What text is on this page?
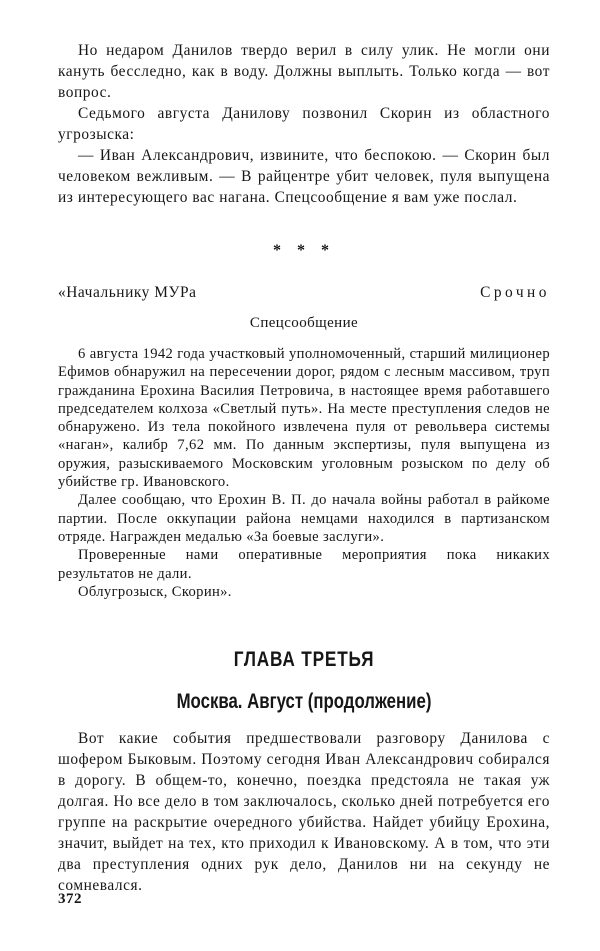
Но недаром Данилов твердо верил в силу улик. Не могли они кануть бесследно, как в воду. Должны выплыть. Только когда — вот вопрос.

Седьмого августа Данилову позвонил Скорин из областного угрозыска:

— Иван Александрович, извините, что беспокою. — Скорин был человеком вежливым. — В райцентре убит человек, пуля выпущена из интересующего вас нагана. Спецсообщение я вам уже послал.

* * *
«Начальнику МУРа	Срочно
Спецсообщение

6 августа 1942 года участковый уполномоченный, старший милиционер Ефимов обнаружил на пересечении дорог, рядом с лесным массивом, труп гражданина Ерохина Василия Петровича, в настоящее время работавшего председателем колхоза «Светлый путь». На месте преступления следов не обнаружено. Из тела покойного извлечена пуля от револьвера системы «наган», калибр 7,62 мм. По данным экспертизы, пуля выпущена из оружия, разыскиваемого Московским уголовным розыском по делу об убийстве гр. Ивановского.

Далее сообщаю, что Ерохин В. П. до начала войны работал в райкоме партии. После оккупации района немцами находился в партизанском отряде. Награжден медалью «За боевые заслуги».

Проверенные нами оперативные мероприятия пока никаких результатов не дали.

Облугрозыск, Скорин».
ГЛАВА ТРЕТЬЯ
Москва. Август (продолжение)

Вот какие события предшествовали разговору Данилова с шофером Быковым. Поэтому сегодня Иван Александрович собирался в дорогу. В общем-то, конечно, поездка предстояла не такая уж долгая. Но все дело в том заключалось, сколько дней потребуется его группе на раскрытие очередного убийства. Найдет убийцу Ерохина, значит, выйдет на тех, кто приходил к Ивановскому. А в том, что эти два преступления одних рук дело, Данилов ни на секунду не сомневался.

372
